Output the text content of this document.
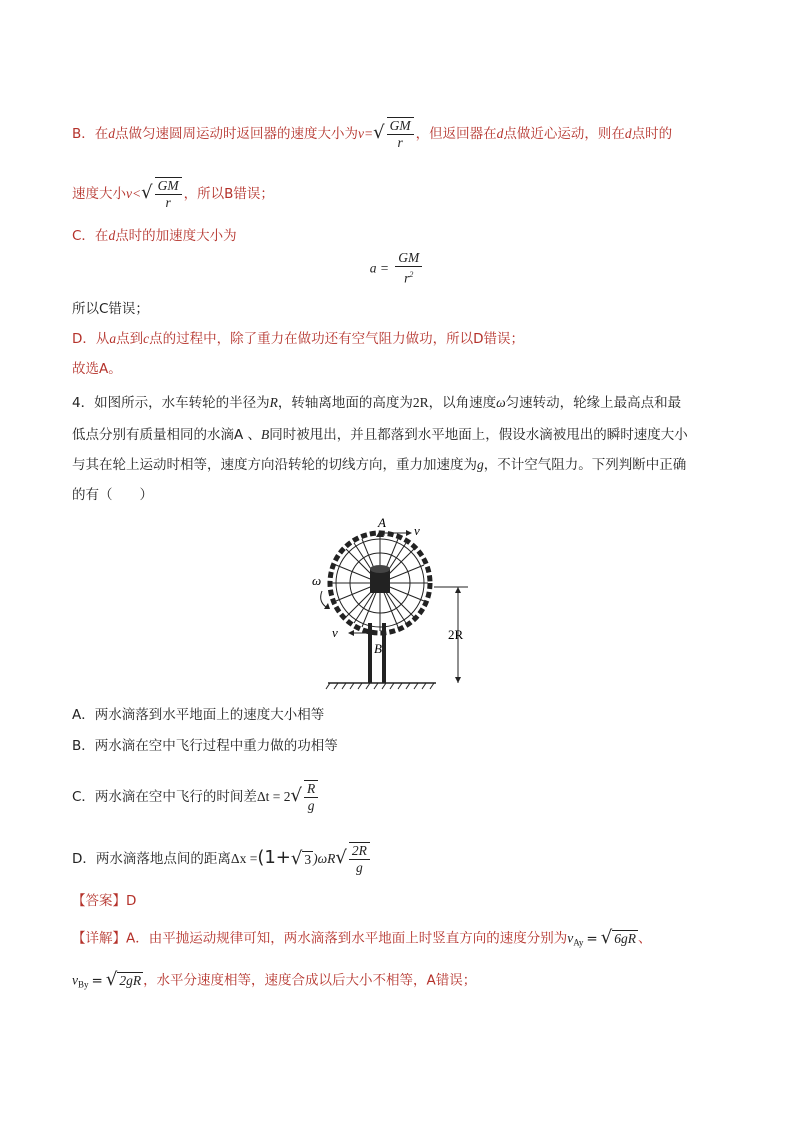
B．在d点做匀速圆周运动时返回器的速度大小为$v=√ \frac{GM}{r}$ ，但返回器在d点做近心运动，则在d点时的
速度大小$v<√ \frac{GM}{r}$ ，所以B错误；
C．在d点时的加速度大小为
$a = \frac{GM}{r^2}$
所以C错误；
D．从a点到c点的过程中，除了重力在做功还有空气阻力做功，所以D错误；
故选A。
4．如图所示，水车转轮的半径为R，转轴离地面的高度为2R，以角速度ω匀速转动，轮缘上最高点和最
低点分别有质量相同的水滴A 、B同时被甩出，并且都落到水平地面上，假设水滴被甩出的瞬时速度大小
与其在轮上运动时相等，速度方向沿转轮的切线方向，重力加速度为g，不计空气阻力。下列判断中正确
的有（　　）
A
v
ω
v
B
2R
A．两水滴落到水平地面上的速度大小相等
B．两水滴在空中飞行过程中重力做的功相等
C．两水滴在空中飞行的时间差$\Delta t = 2√ \frac{R}{g}$
D．两水滴落地点间的距离Δx =(1+√ 3 )$\omega R√ \frac{2R}{g}$
【答案】D
【详解】A．由平抛运动规律可知，两水滴落到水平地面上时竖直方向的速度分别为$v_{Ay}$ = √ 6gR 、
$v_{By}$ = √ 2gR ，水平分速度相等，速度合成以后大小不相等，A错误；
